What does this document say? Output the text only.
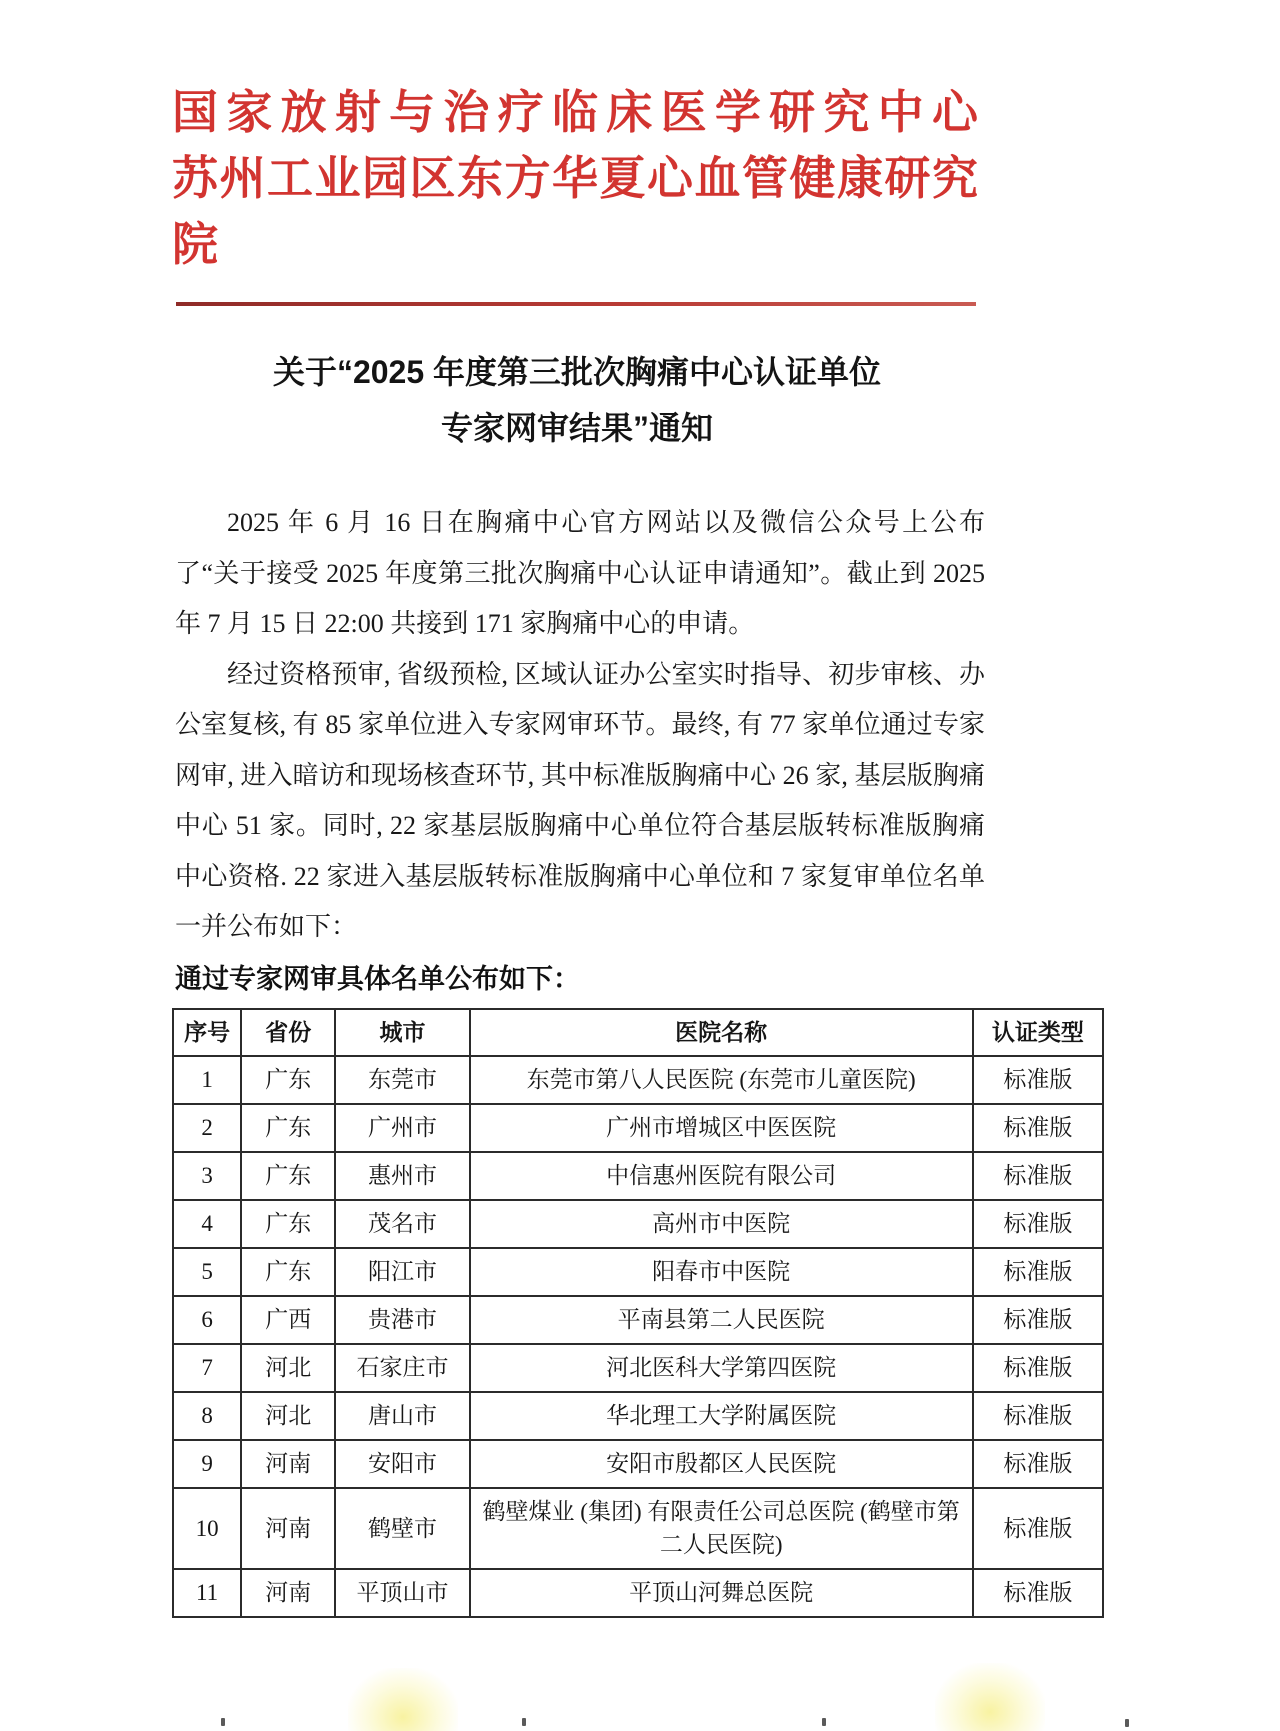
国家放射与治疗临床医学研究中心
苏州工业园区东方华夏心血管健康研究院
关于“2025 年度第三批次胸痛中心认证单位
专家网审结果”通知

2025 年 6 月 16 日在胸痛中心官方网站以及微信公众号上公布了“关于接受 2025 年度第三批次胸痛中心认证申请通知”。截止到 2025 年 7 月 15 日 22:00 共接到 171 家胸痛中心的申请。

经过资格预审, 省级预检, 区域认证办公室实时指导、初步审核、办公室复核, 有 85 家单位进入专家网审环节。最终, 有 77 家单位通过专家网审, 进入暗访和现场核查环节, 其中标准版胸痛中心 26 家, 基层版胸痛中心 51 家。同时, 22 家基层版胸痛中心单位符合基层版转标准版胸痛中心资格. 22 家进入基层版转标准版胸痛中心单位和 7 家复审单位名单一并公布如下：

通过专家网审具体名单公布如下：
序号	省份	城市	医院名称	认证类型
1	广东	东莞市	东莞市第八人民医院 (东莞市儿童医院)	标准版
2	广东	广州市	广州市增城区中医医院	标准版
3	广东	惠州市	中信惠州医院有限公司	标准版
4	广东	茂名市	高州市中医院	标准版
5	广东	阳江市	阳春市中医院	标准版
6	广西	贵港市	平南县第二人民医院	标准版
7	河北	石家庄市	河北医科大学第四医院	标准版
8	河北	唐山市	华北理工大学附属医院	标准版
9	河南	安阳市	安阳市殷都区人民医院	标准版
10	河南	鹤壁市	鹤壁煤业 (集团) 有限责任公司总医院 (鹤壁市第二人民医院)	标准版
11	河南	平顶山市	平顶山河舞总医院	标准版
